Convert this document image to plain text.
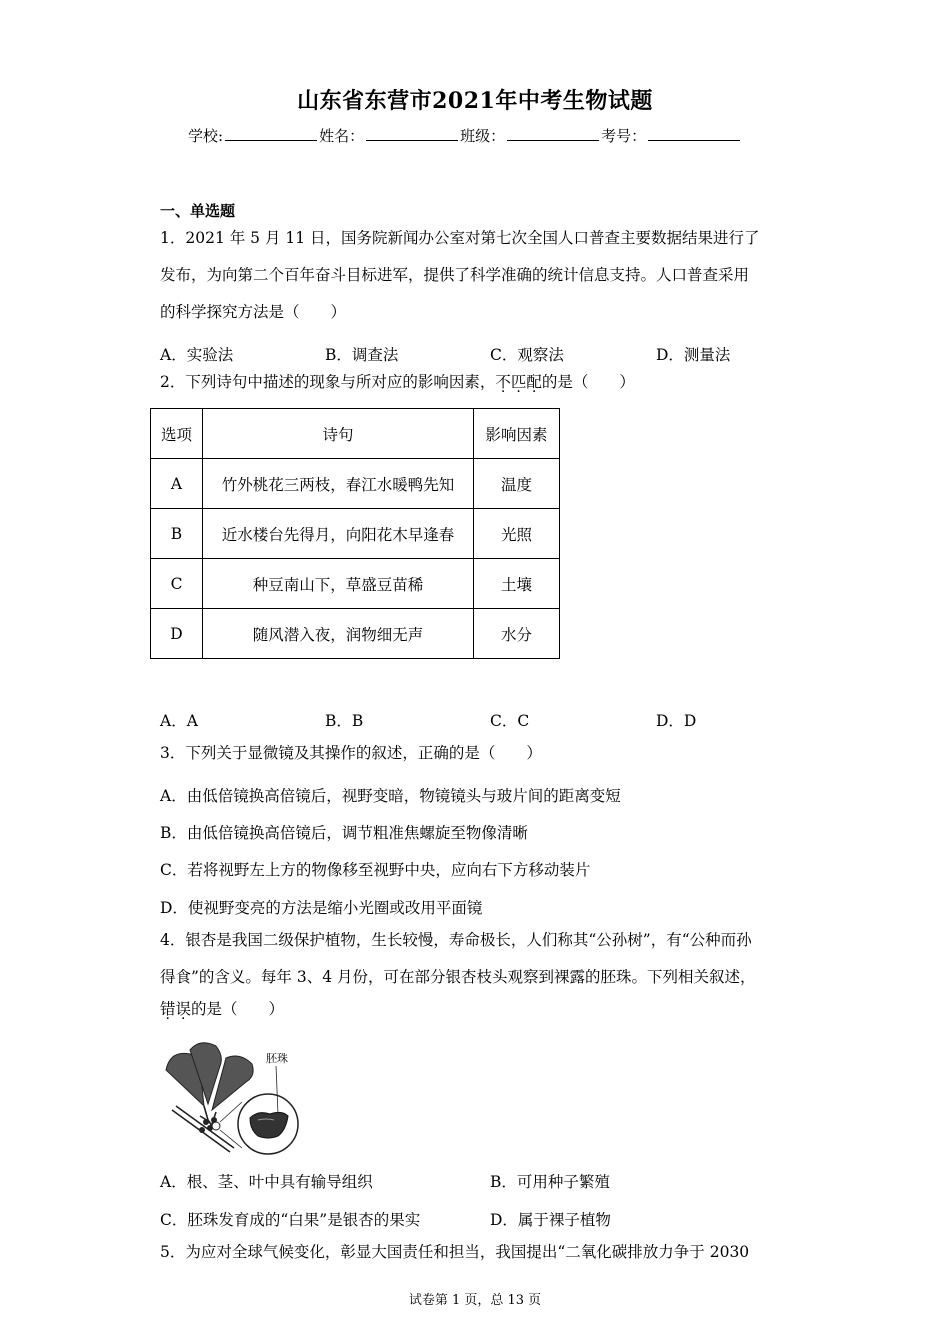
山东省东营市2021年中考生物试题
学校:	姓名：	班级：	考号：
一、单选题
1．2021 年 5 月 11 日，国务院新闻办公室对第七次全国人口普查主要数据结果进行了
发布，为向第二个百年奋斗目标进军，提供了科学准确的统计信息支持。人口普查采用
的科学探究方法是（　　）
A．实验法	B．调查法	C．观察法	D．测量法
2．下列诗句中描述的现象与所对应的影响因素，不匹配的是（　　）
选项	诗句	影响因素
A	竹外桃花三两枝，春江水暖鸭先知	温度
B	近水楼台先得月，向阳花木早逢春	光照
C	种豆南山下，草盛豆苗稀	土壤
D	随风潜入夜，润物细无声	水分
A．A	B．B	C．C	D．D
3．下列关于显微镜及其操作的叙述，正确的是（　　）
A．由低倍镜换高倍镜后，视野变暗，物镜镜头与玻片间的距离变短
B．由低倍镜换高倍镜后，调节粗准焦螺旋至物像清晰
C．若将视野左上方的物像移至视野中央，应向右下方移动装片
D．使视野变亮的方法是缩小光圈或改用平面镜
4．银杏是我国二级保护植物，生长较慢，寿命极长，人们称其“公孙树”，有“公种而孙
得食”的含义。每年 3、4 月份，可在部分银杏枝头观察到裸露的胚珠。下列相关叙述，
错误的是（　　）
胚珠
A．根、茎、叶中具有输导组织	B．可用种子繁殖
C．胚珠发育成的“白果”是银杏的果实	D．属于裸子植物
5．为应对全球气候变化，彰显大国责任和担当，我国提出“二氧化碳排放力争于 2030
试卷第 1 页，总 13 页
